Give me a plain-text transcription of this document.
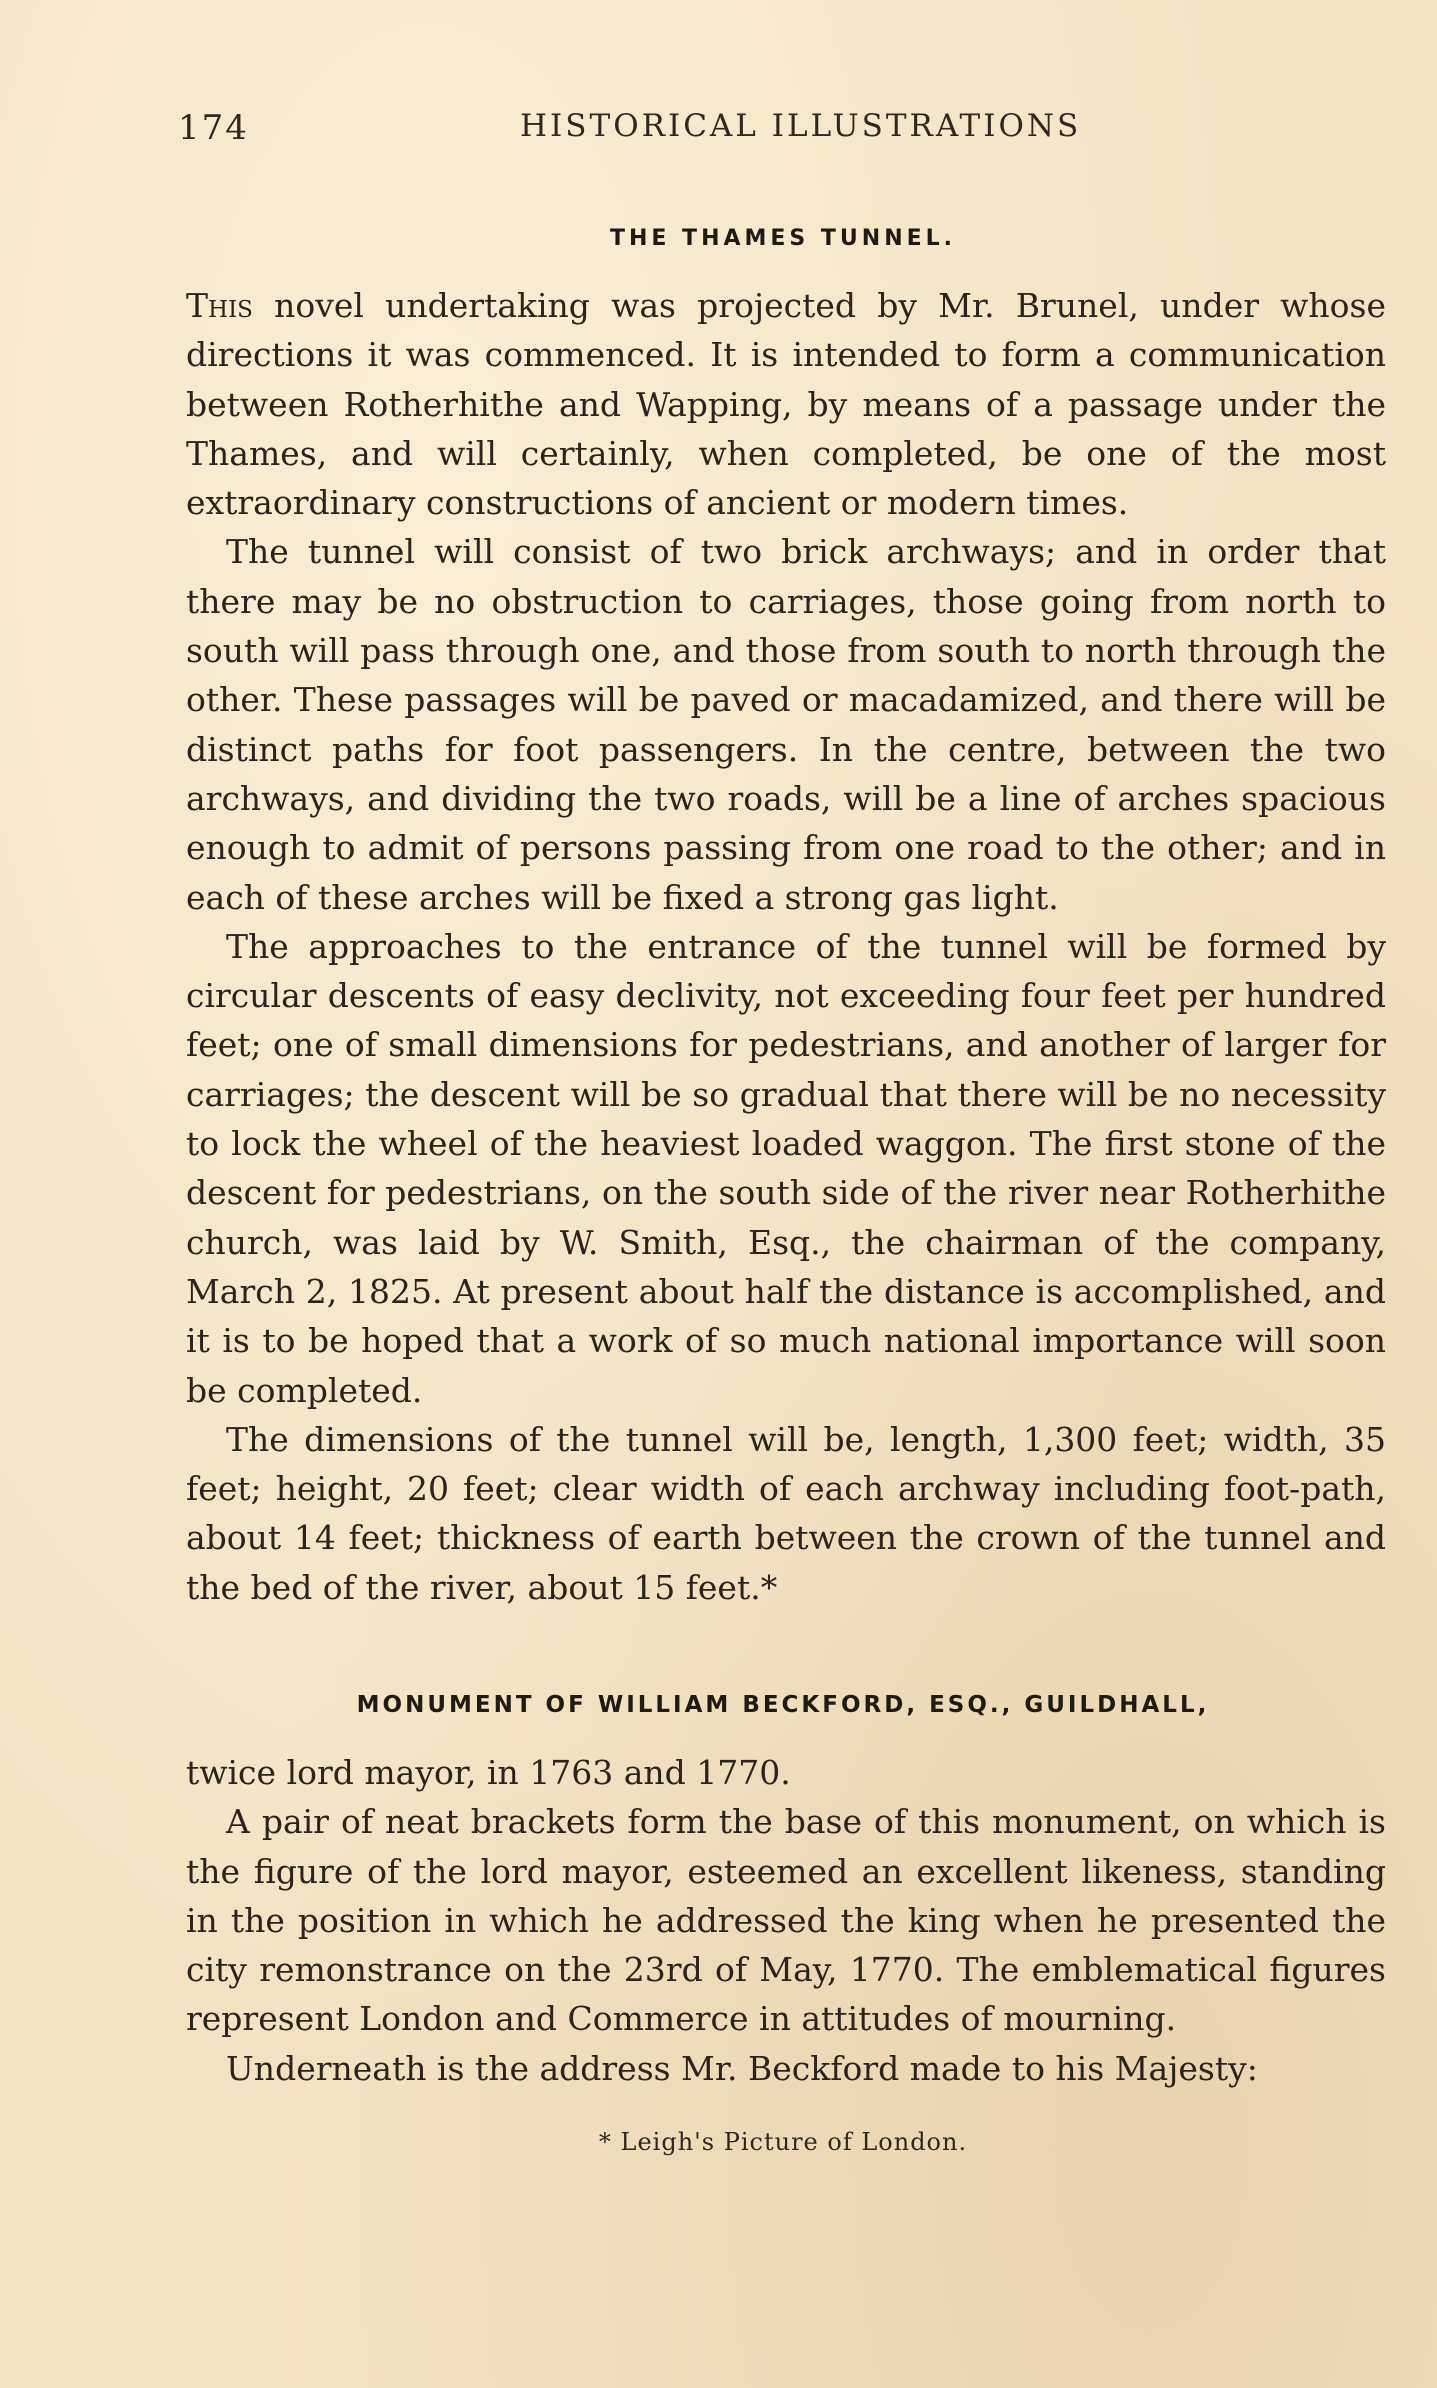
174	HISTORICAL ILLUSTRATIONS
THE THAMES TUNNEL.

This novel undertaking was projected by Mr. Brunel, under whose directions it was commenced. It is intended to form a communication between Rotherhithe and Wapping, by means of a passage under the Thames, and will certainly, when completed, be one of the most extraordinary constructions of ancient or modern times.

The tunnel will consist of two brick archways; and in order that there may be no obstruction to carriages, those going from north to south will pass through one, and those from south to north through the other. These passages will be paved or macadamized, and there will be distinct paths for foot passengers. In the centre, between the two archways, and dividing the two roads, will be a line of arches spacious enough to admit of persons passing from one road to the other; and in each of these arches will be fixed a strong gas light.

The approaches to the entrance of the tunnel will be formed by circular descents of easy declivity, not exceeding four feet per hundred feet; one of small dimensions for pedestrians, and another of larger for carriages; the descent will be so gradual that there will be no necessity to lock the wheel of the heaviest loaded waggon. The first stone of the descent for pedestrians, on the south side of the river near Rotherhithe church, was laid by W. Smith, Esq., the chairman of the company, March 2, 1825. At present about half the distance is accomplished, and it is to be hoped that a work of so much national importance will soon be completed.

The dimensions of the tunnel will be, length, 1,300 feet; width, 35 feet; height, 20 feet; clear width of each archway including foot-path, about 14 feet; thickness of earth between the crown of the tunnel and the bed of the river, about 15 feet.*

MONUMENT OF WILLIAM BECKFORD, ESQ., GUILDHALL,

twice lord mayor, in 1763 and 1770.

A pair of neat brackets form the base of this monument, on which is the figure of the lord mayor, esteemed an excellent likeness, standing in the position in which he addressed the king when he presented the city remonstrance on the 23rd of May, 1770. The emblematical figures represent London and Commerce in attitudes of mourning.

Underneath is the address Mr. Beckford made to his Majesty:

* Leigh's Picture of London.
